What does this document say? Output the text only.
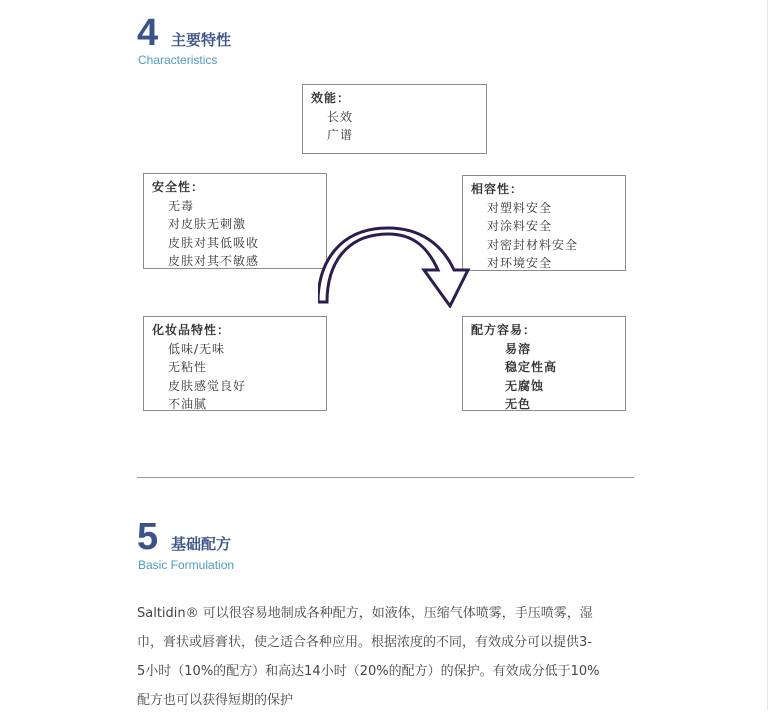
4 主要特性
Characteristics
效能：
长效
广谱
安全性：
无毒
对皮肤无刺激
皮肤对其低吸收
皮肤对其不敏感
相容性：
对塑料安全
对涂料安全
对密封材料安全
对环境安全
化妆品特性：
低味/无味
无粘性
皮肤感觉良好
不油腻
配方容易：
易溶
稳定性高
无腐蚀
无色
5 基础配方
Basic Formulation
Saltidin® 可以很容易地制成各种配方，如液体，压缩气体喷雾，手压喷雾，湿
巾，膏状或唇膏状，使之适合各种应用。根据浓度的不同，有效成分可以提供3-
5小时（10%的配方）和高达14小时（20%的配方）的保护。有效成分低于10%
配方也可以获得短期的保护
